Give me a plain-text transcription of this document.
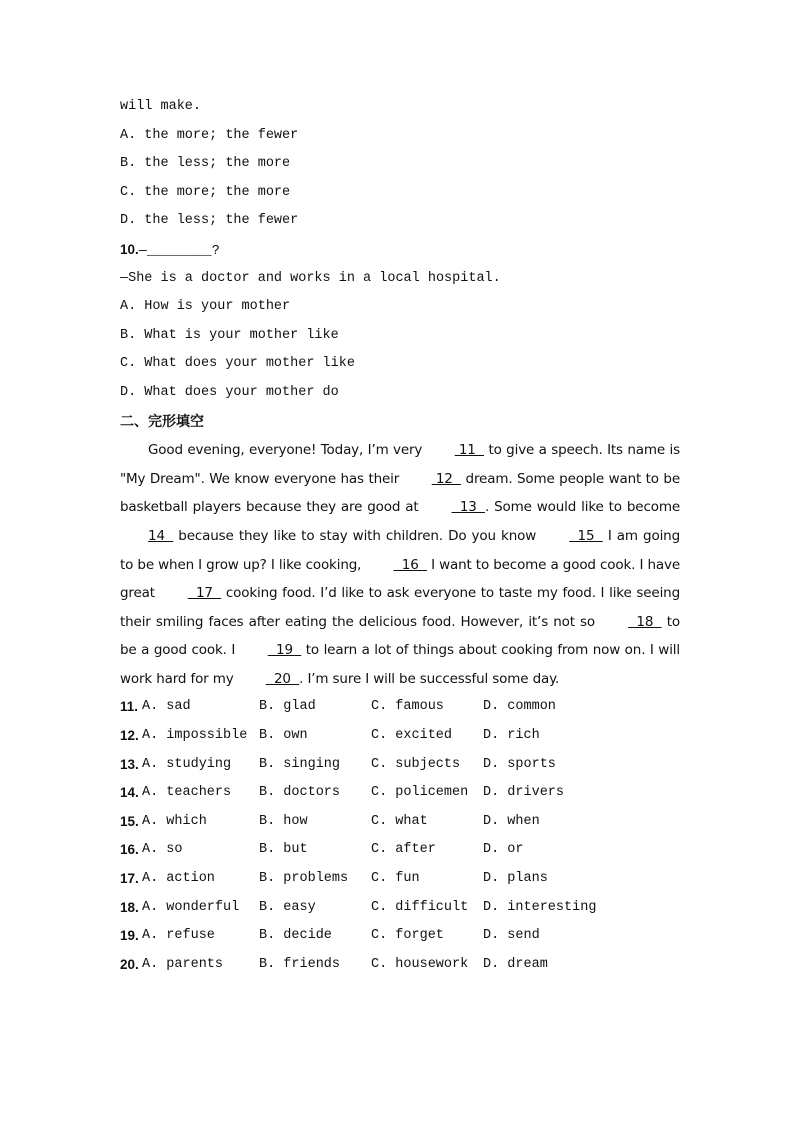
will make.
A. the more; the fewer
B. the less; the more
C. the more; the more
D. the less; the fewer
10.—________?
—She is a doctor and works in a local hospital.
A. How is your mother
B. What is your mother like
C. What does your mother like
D. What does your mother do
二、完形填空
Good evening, everyone! Today, I’m very  11   to give a speech. Its name is "My Dream". We know everyone has their  12   dream. Some people want to be basketball players because they are good at   13  . Some would like to become 14   because they like to stay with children. Do you know   15   I am going to be when I grow up? I like cooking,   16   I want to become a good cook. I have great   17   cooking food. I’d like to ask everyone to taste my food. I like seeing their smiling faces after eating the delicious food. However, it’s not so   18   to be a good cook. I   19   to learn a lot of things about cooking from now on. I will work hard for my   20  . I’m sure I will be successful some day.
11. A. sad	B. glad	C. famous	D. common
12. A. impossible B. own	C. excited	D. rich
13. A. studying	B. singing	C. subjects	D. sports
14. A. teachers	B. doctors	C. policemen	D. drivers
15. A. which	B. how	C. what	D. when
16. A. so	B. but	C. after	D. or
17. A. action	B. problems	C. fun	D. plans
18. A. wonderful	B. easy	C. difficult	D. interesting
19. A. refuse	B. decide	C. forget	D. send
20. A. parents	B. friends	C. housework	D. dream
